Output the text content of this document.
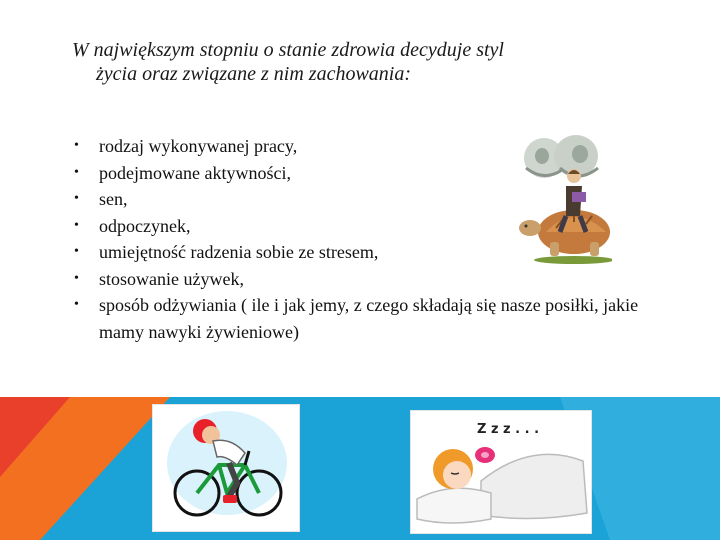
W największym stopniu o stanie zdrowia decyduje styl
życia oraz związane z nim zachowania:
• rodzaj wykonywanej pracy,
• podejmowane aktywności,
• sen,
• odpoczynek,
• umiejętność radzenia sobie ze stresem,
• stosowanie używek,
• sposób odżywiania ( ile i jak jemy, z czego składają się nasze posiłki, jakie mamy nawyki żywieniowe)
Z z z . . .
